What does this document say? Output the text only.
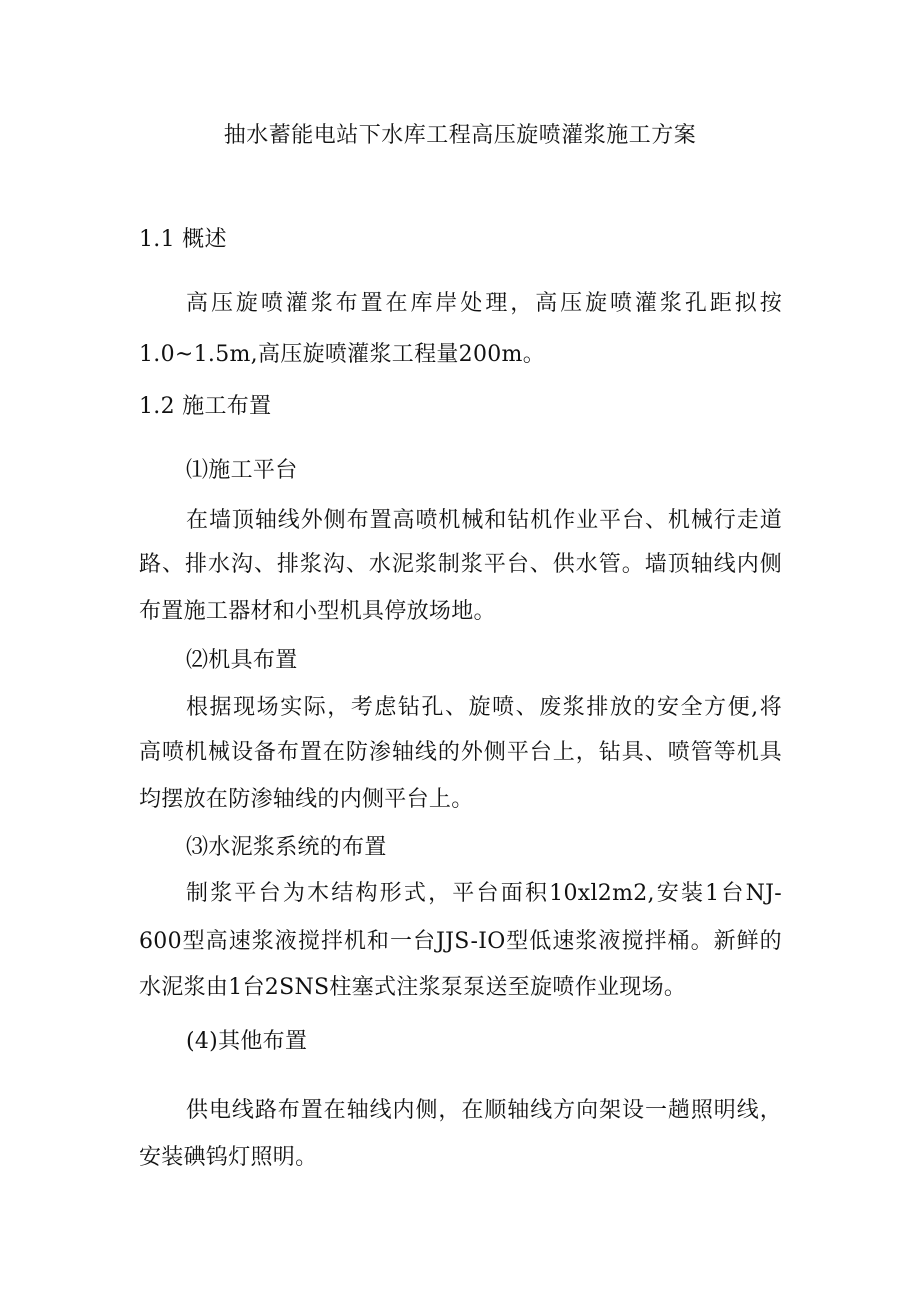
抽水蓄能电站下水库工程高压旋喷灌浆施工方案
1.1 概述
高压旋喷灌浆布置在库岸处理，高压旋喷灌浆孔距拟按
1.0~1.5m,高压旋喷灌浆工程量200m。
1.2 施工布置
⑴施工平台
在墙顶轴线外侧布置高喷机械和钻机作业平台、机械行走道
路、排水沟、排浆沟、水泥浆制浆平台、供水管。墙顶轴线内侧
布置施工器材和小型机具停放场地。
⑵机具布置
根据现场实际，考虑钻孔、旋喷、废浆排放的安全方便,将
高喷机械设备布置在防渗轴线的外侧平台上，钻具、喷管等机具
均摆放在防渗轴线的内侧平台上。
⑶水泥浆系统的布置
制浆平台为木结构形式，平台面积10xl2m2,安装1台NJ-
600型高速浆液搅拌机和一台JJS-IO型低速浆液搅拌桶。新鲜的
水泥浆由1台2SNS柱塞式注浆泵泵送至旋喷作业现场。
(4)其他布置
供电线路布置在轴线内侧，在顺轴线方向架设一趟照明线，
安装碘钨灯照明。
